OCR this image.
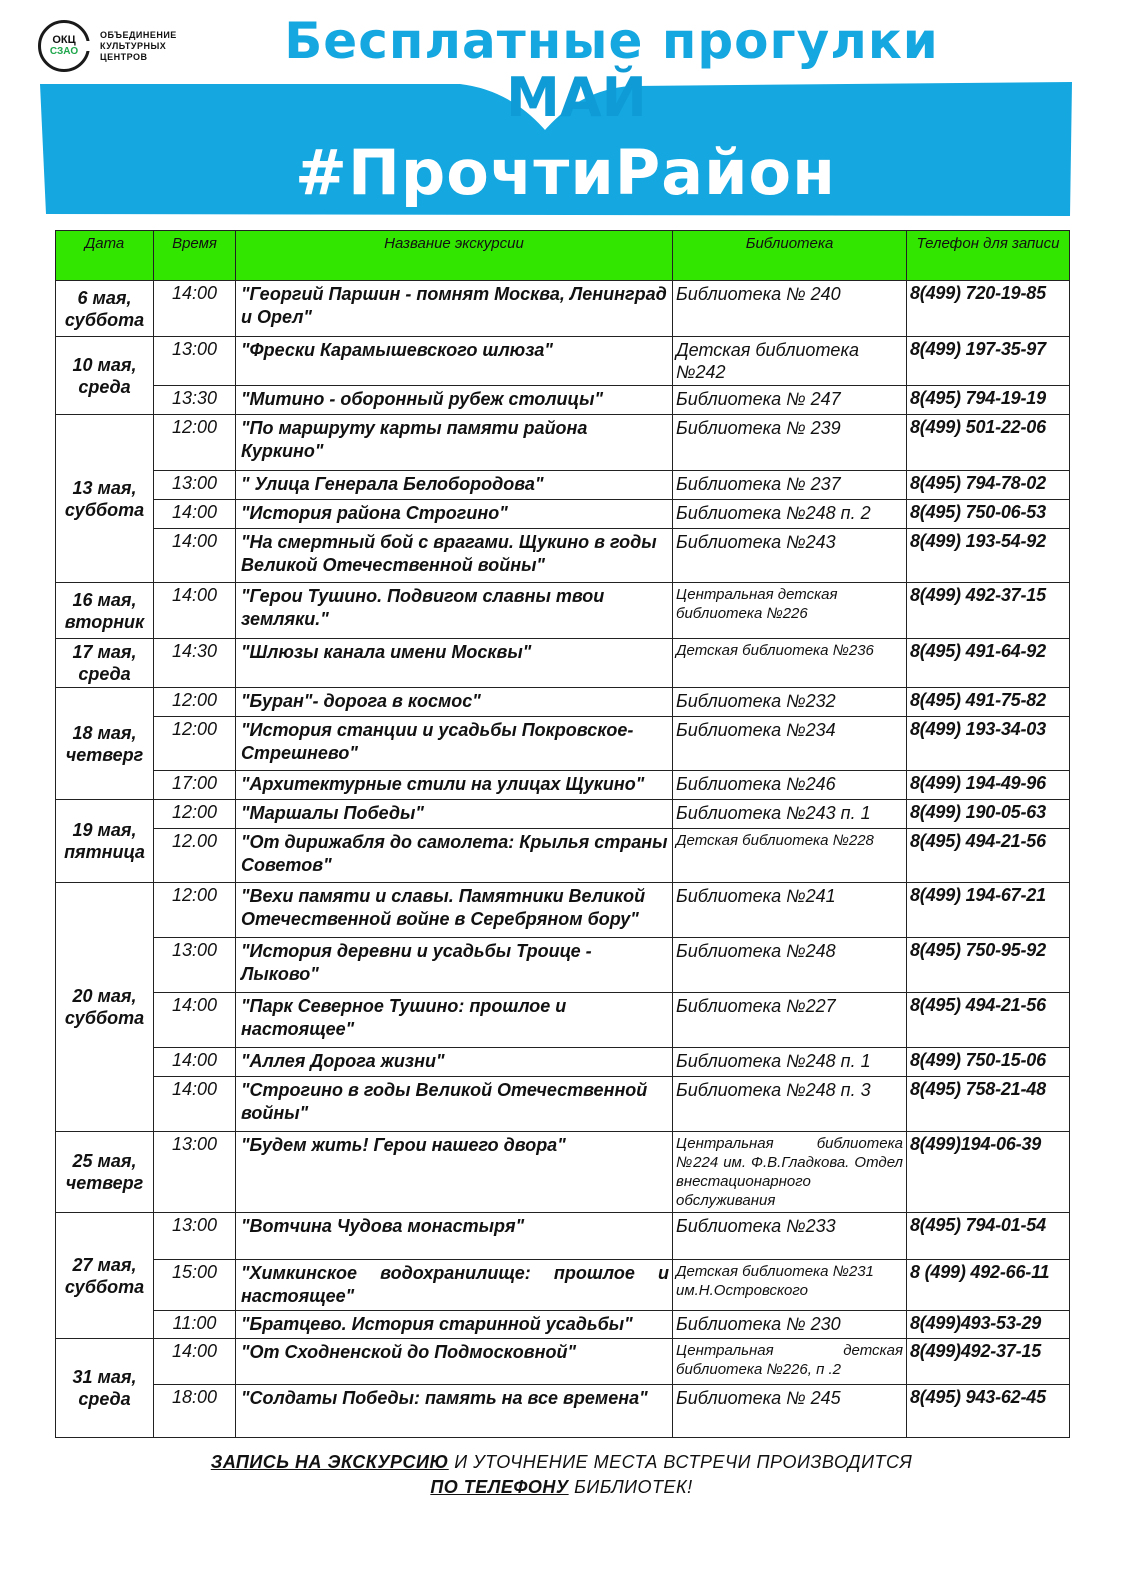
ОКЦ
СЗАО
ОБЪЕДИНЕНИЕ
КУЛЬТУРНЫХ
ЦЕНТРОВ	Бесплатные прогулки
МАЙ
#ПрочтиРайон
Дата	Время	Название экскурсии	Библиотека	Телефон для записи

6 мая,
суббота	14:00	"Георгий Паршин - помнят Москва, Ленинград и Орел"	Библиотека № 240	8(499) 720-19-85

10 мая,
среда	13:00	"Фрески Карамышевского шлюза"	Детская библиотека №242	8(499) 197-35-97
	13:30	"Митино - оборонный рубеж столицы"	Библиотека № 247	8(495) 794-19-19

13 мая,
суббота	12:00	"По маршруту карты памяти района Куркино"	Библиотека № 239	8(499) 501-22-06
	13:00	" Улица Генерала Белобородова"	Библиотека № 237	8(495) 794-78-02
	14:00	"История района Строгино"	Библиотека №248 п. 2	8(495) 750-06-53
	14:00	"На смертный бой с врагами. Щукино в годы Великой Отечественной войны"	Библиотека №243	8(499) 193-54-92

16 мая,
вторник	14:00	"Герои Тушино. Подвигом славны твои земляки."	Центральная детская библиотека №226	8(499) 492-37-15

17 мая,
среда	14:30	"Шлюзы канала имени Москвы"	Детская библиотека №236	8(495) 491-64-92

18 мая,
четверг	12:00	"Буран"- дорога в космос"	Библиотека №232	8(495) 491-75-82
	12:00	"История станции и усадьбы Покровское-Стрешнево"	Библиотека №234	8(499) 193-34-03
	17:00	"Архитектурные стили на улицах Щукино"	Библиотека №246	8(499) 194-49-96

19 мая,
пятница	12:00	"Маршалы Победы"	Библиотека №243 п. 1	8(499) 190-05-63
	12.00	"От дирижабля до самолета: Крылья страны Советов"	Детская библиотека №228	8(495) 494-21-56

20 мая,
суббота	12:00	"Вехи памяти и славы. Памятники Великой Отечественной войне в Серебряном бору"	Библиотека №241	8(499) 194-67-21
	13:00	"История деревни и усадьбы Троице - Лыково"	Библиотека №248	8(495) 750-95-92
	14:00	"Парк Северное Тушино: прошлое и настоящее"	Библиотека №227	8(495) 494-21-56
	14:00	"Аллея Дорога жизни"	Библиотека №248 п. 1	8(499) 750-15-06
	14:00	"Строгино в годы Великой Отечественной войны"	Библиотека №248 п. 3	8(495) 758-21-48

25 мая,
четверг	13:00	"Будем жить! Герои нашего двора"	Центральная библиотека №224 им. Ф.В.Гладкова. Отдел внестационарного обслуживания	8(499)194-06-39

27 мая,
суббота	13:00	"Вотчина Чудова монастыря"	Библиотека №233	8(495) 794-01-54
	15:00	"Химкинское водохранилище: прошлое и настоящее"	Детская библиотека №231 им.Н.Островского	8 (499) 492-66-11
	11:00	"Братцево. История старинной усадьбы"	Библиотека № 230	8(499)493-53-29

31 мая,
среда	14:00	"От Сходненской до Подмосковной"	Центральная детская библиотека №226, п .2	8(499)492-37-15
	18:00	"Солдаты Победы: память на все времена"	Библиотека № 245	8(495) 943-62-45
ЗАПИСЬ НА ЭКСКУРСИЮ И УТОЧНЕНИЕ МЕСТА ВСТРЕЧИ ПРОИЗВОДИТСЯ
ПО ТЕЛЕФОНУ БИБЛИОТЕК!
